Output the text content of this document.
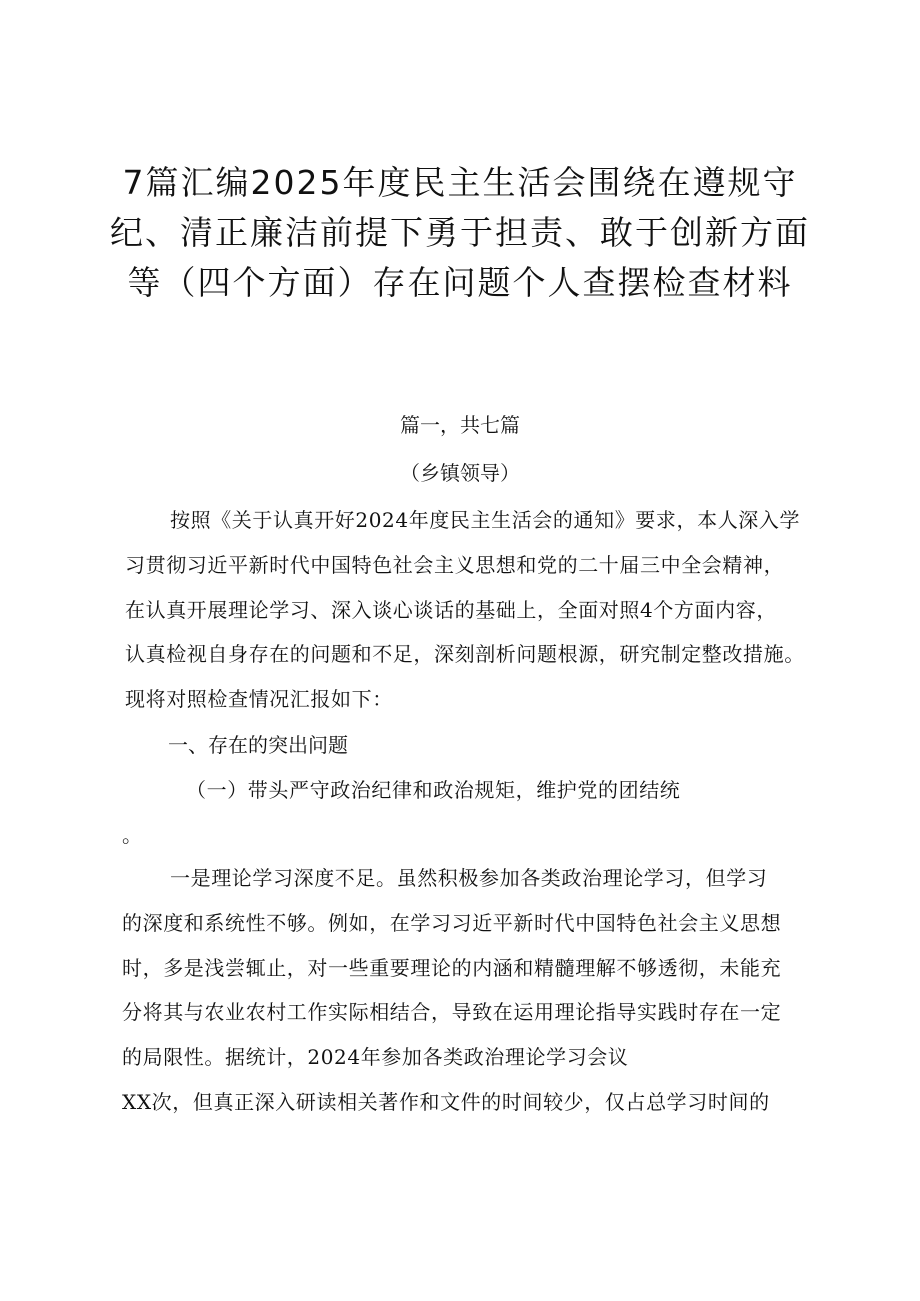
7篇汇编2025年度民主生活会围绕在遵规守
纪、清正廉洁前提下勇于担责、敢于创新方面
等（四个方面）存在问题个人查摆检查材料
篇一，共七篇
（乡镇领导）
按照《关于认真开好2024年度民主生活会的通知》要求，本人深入学
习贯彻习近平新时代中国特色社会主义思想和党的二十届三中全会精神，
在认真开展理论学习、深入谈心谈话的基础上，全面对照4个方面内容，
认真检视自身存在的问题和不足，深刻剖析问题根源，研究制定整改措施。
现将对照检查情况汇报如下：
一、存在的突出问题
（一）带头严守政治纪律和政治规矩，维护党的团结统
。
一是理论学习深度不足。虽然积极参加各类政治理论学习，但学习
的深度和系统性不够。例如，在学习习近平新时代中国特色社会主义思想
时，多是浅尝辄止，对一些重要理论的内涵和精髓理解不够透彻，未能充
分将其与农业农村工作实际相结合，导致在运用理论指导实践时存在一定
的局限性。据统计，2024年参加各类政治理论学习会议
XX次，但真正深入研读相关著作和文件的时间较少，仅占总学习时间的
